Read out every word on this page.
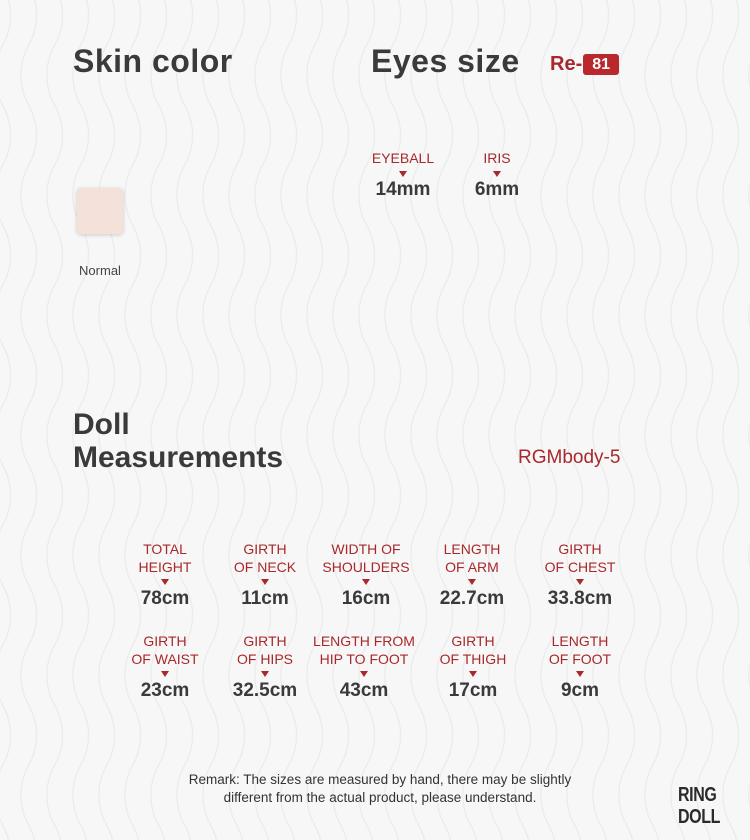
Skin color
Normal
Eyes size Re- 81
EYEBALL
14mm
IRIS
6mm
Doll
Measurements	RGMbody-5
TOTAL
HEIGHT
78cm
GIRTH
OF NECK
11cm
WIDTH OF
SHOULDERS
16cm
LENGTH
OF ARM
22.7cm
GIRTH
OF CHEST
33.8cm
GIRTH
OF WAIST
23cm
GIRTH
OF HIPS
32.5cm
LENGTH FROM
HIP TO FOOT
43cm
GIRTH
OF THIGH
17cm
LENGTH
OF FOOT
9cm
Remark: The sizes are measured by hand, there may be slightly
different from the actual product, please understand.	RING
DOLL
